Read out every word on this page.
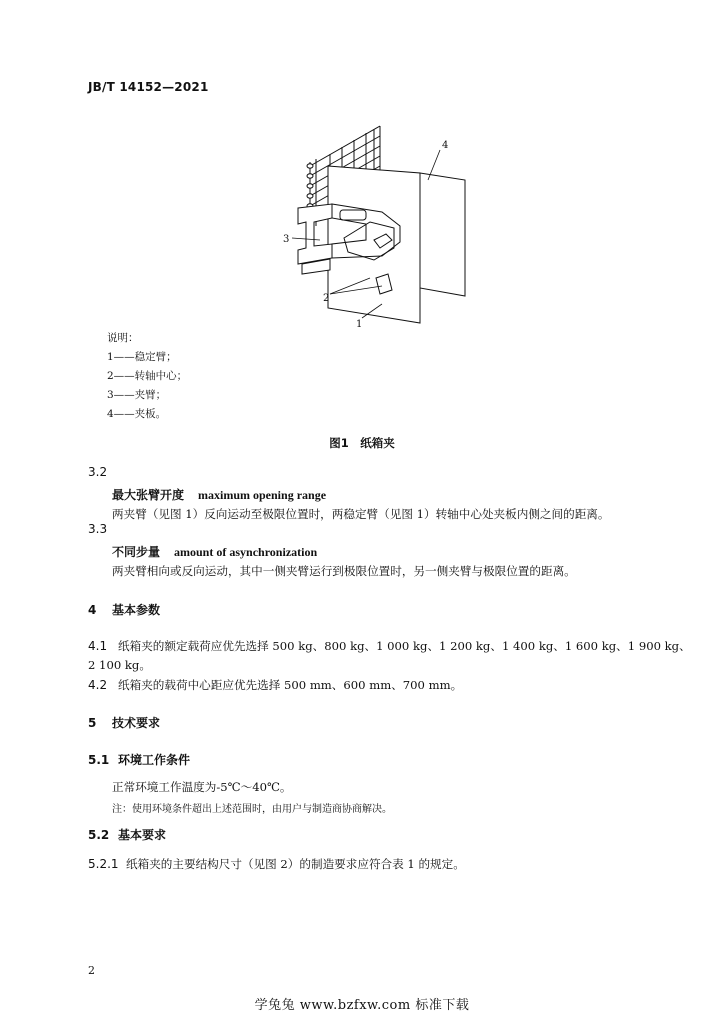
JB/T 14152—2021
3
4
2
1
说明：
1——稳定臂；
2——转轴中心；
3——夹臂；
4——夹板。
图1　纸箱夹
3.2
最大张臂开度 maximum opening range
两夹臂（见图 1）反向运动至极限位置时，两稳定臂（见图 1）转轴中心处夹板内侧之间的距离。
3.3
不同步量 amount of asynchronization
两夹臂相向或反向运动，其中一侧夹臂运行到极限位置时，另一侧夹臂与极限位置的距离。
4 基本参数
4.1 纸箱夹的额定载荷应优先选择 500 kg、800 kg、1 000 kg、1 200 kg、1 400 kg、1 600 kg、1 900 kg、
2 100 kg。
4.2 纸箱夹的载荷中心距应优先选择 500 mm、600 mm、700 mm。
5 技术要求
5.1 环境工作条件
正常环境工作温度为-5℃～40℃。
注：使用环境条件超出上述范围时，由用户与制造商协商解决。
5.2 基本要求
5.2.1 纸箱夹的主要结构尺寸（见图 2）的制造要求应符合表 1 的规定。
2
学兔兔 www.bzfxw.com 标准下载
